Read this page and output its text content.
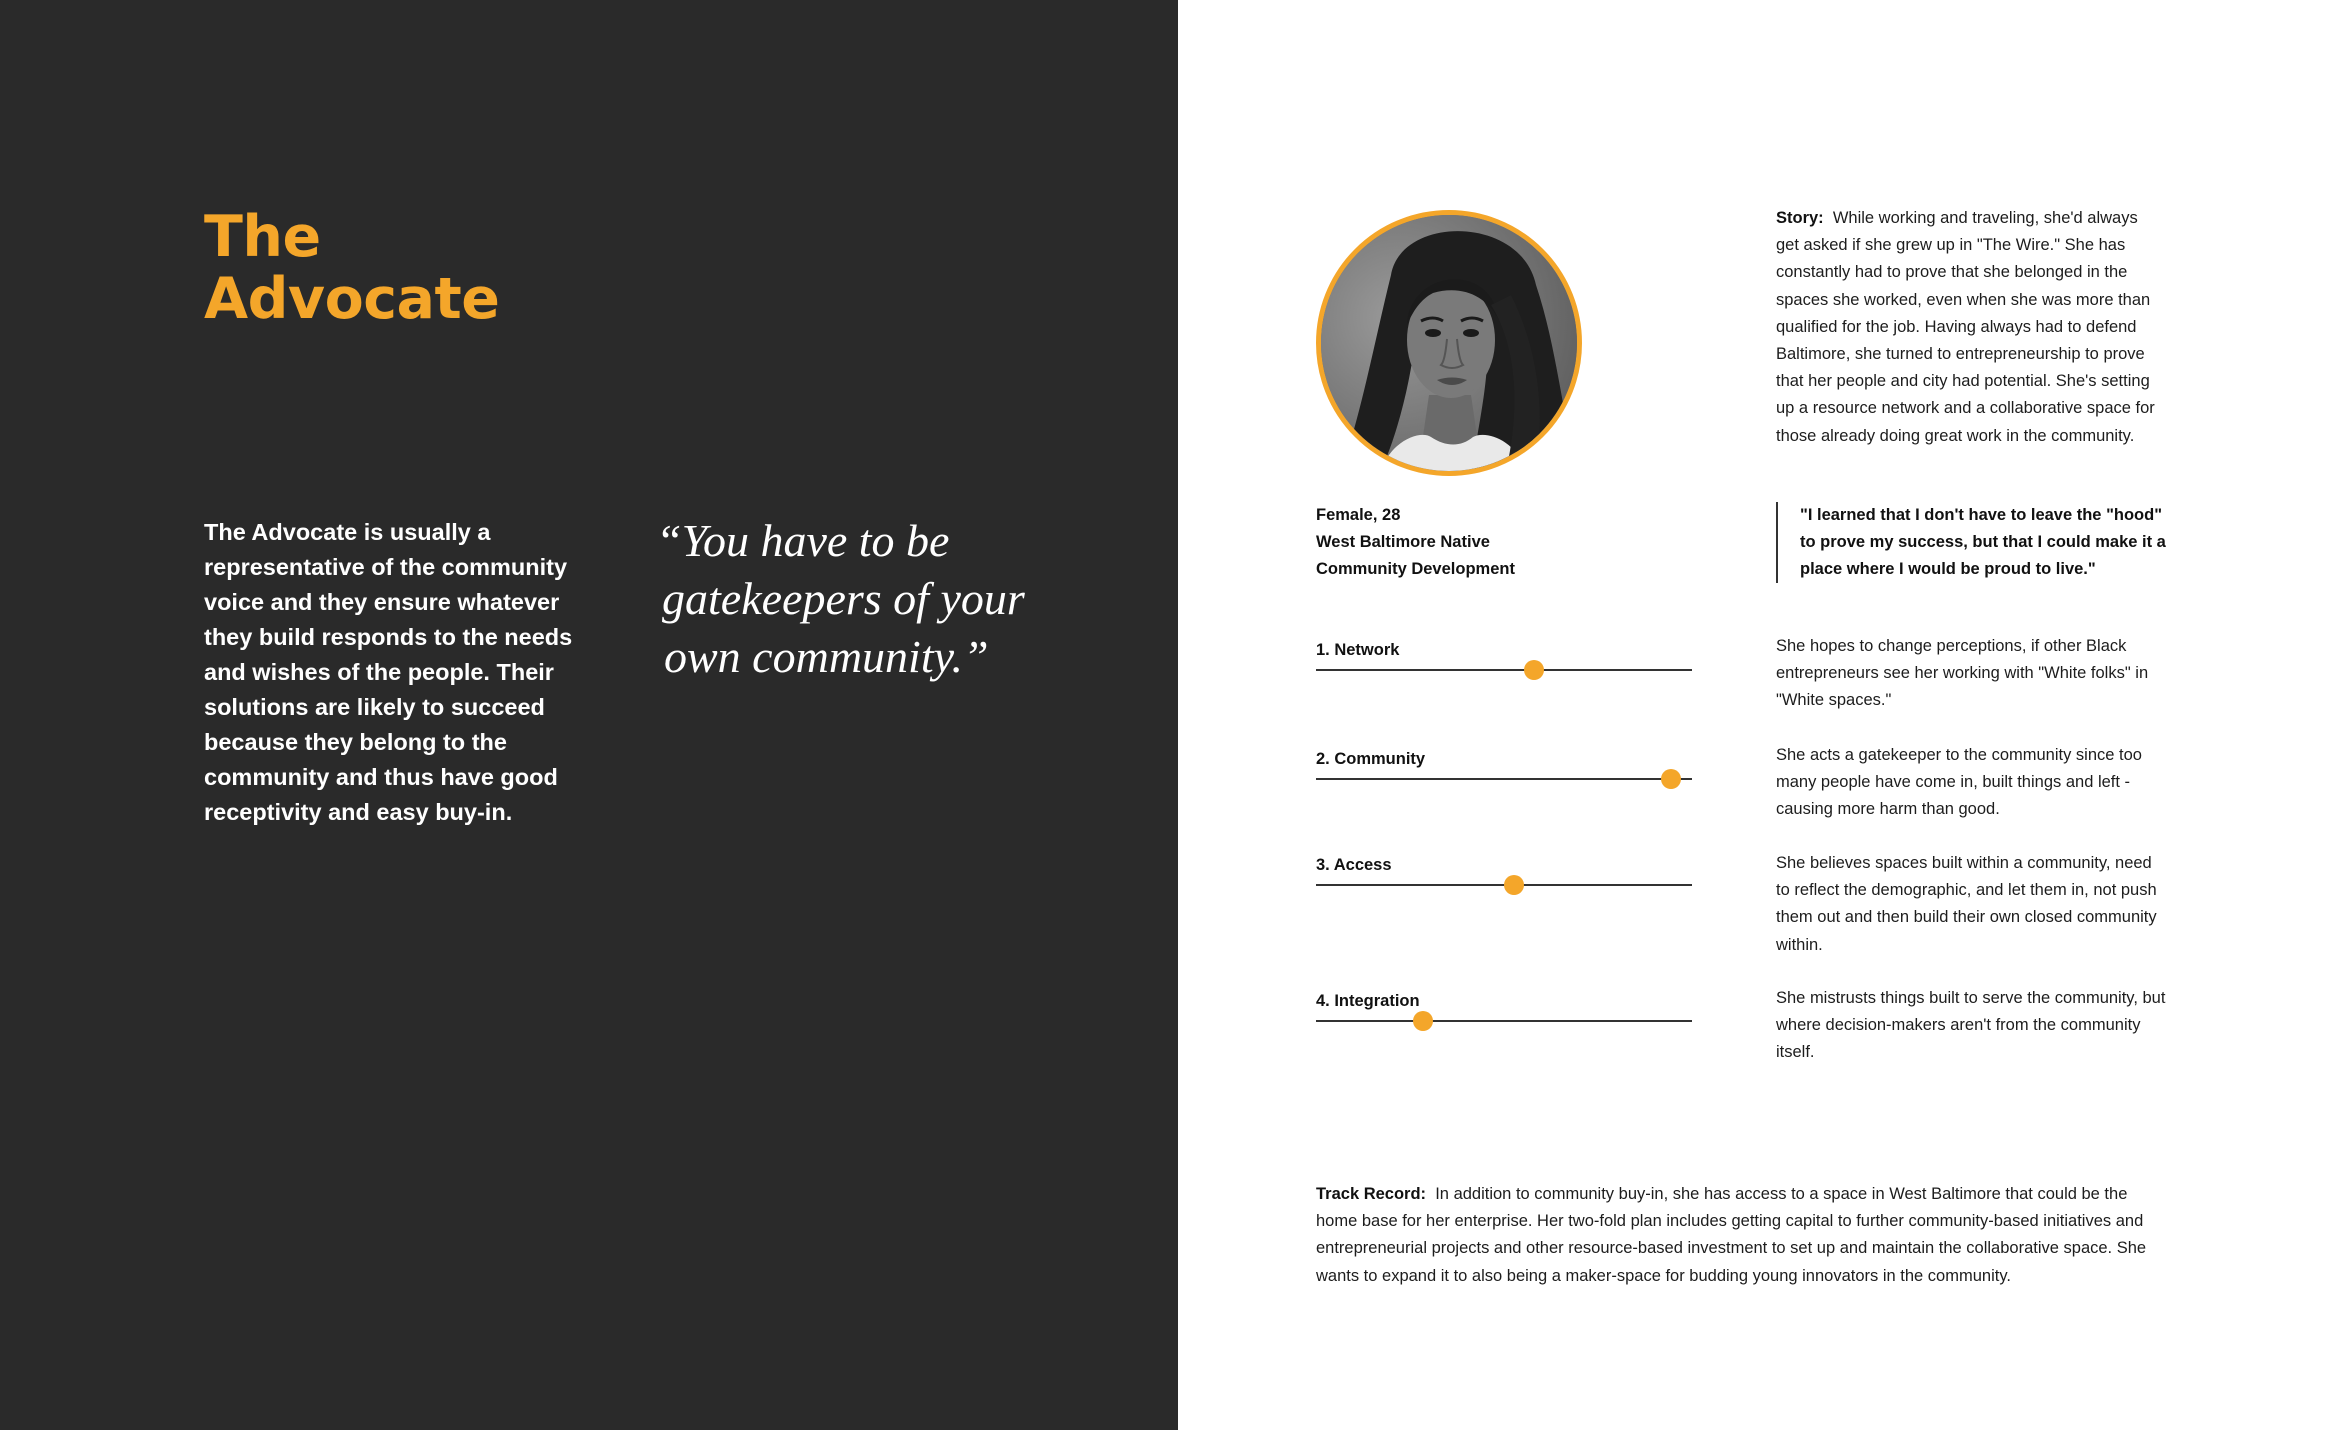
The
Advocate

The Advocate is usually a representative of the community voice and they ensure whatever they build responds to the needs and wishes of the people. Their solutions are likely to succeed because they belong to the community and thus have good receptivity and easy buy-in.

“You have to be
gatekeepers of your
own community.”

Female, 28
West Baltimore Native
Community Development

Story: While working and traveling, she'd always get asked if she grew up in "The Wire." She has constantly had to prove that she belonged in the spaces she worked, even when she was more than qualified for the job. Having always had to defend Baltimore, she turned to entrepreneurship to prove that her people and city had potential. She's setting up a resource network and a collaborative space for those already doing great work in the community.

"I learned that I don't have to leave the "hood" to prove my success, but that I could make it a place where I would be proud to live."

1. Network	She hopes to change perceptions, if other Black entrepreneurs see her working with "White folks" in "White spaces."

2. Community	She acts a gatekeeper to the community since too many people have come in, built things and left - causing more harm than good.

3. Access	She believes spaces built within a community, need to reflect the demographic, and let them in, not push them out and then build their own closed community within.

4. Integration	She mistrusts things built to serve the community, but where decision-makers aren't from the community itself.

Track Record: In addition to community buy-in, she has access to a space in West Baltimore that could be the home base for her enterprise. Her two-fold plan includes getting capital to further community-based initiatives and entrepreneurial projects and other resource-based investment to set up and maintain the collaborative space. She wants to expand it to also being a maker-space for budding young innovators in the community.
